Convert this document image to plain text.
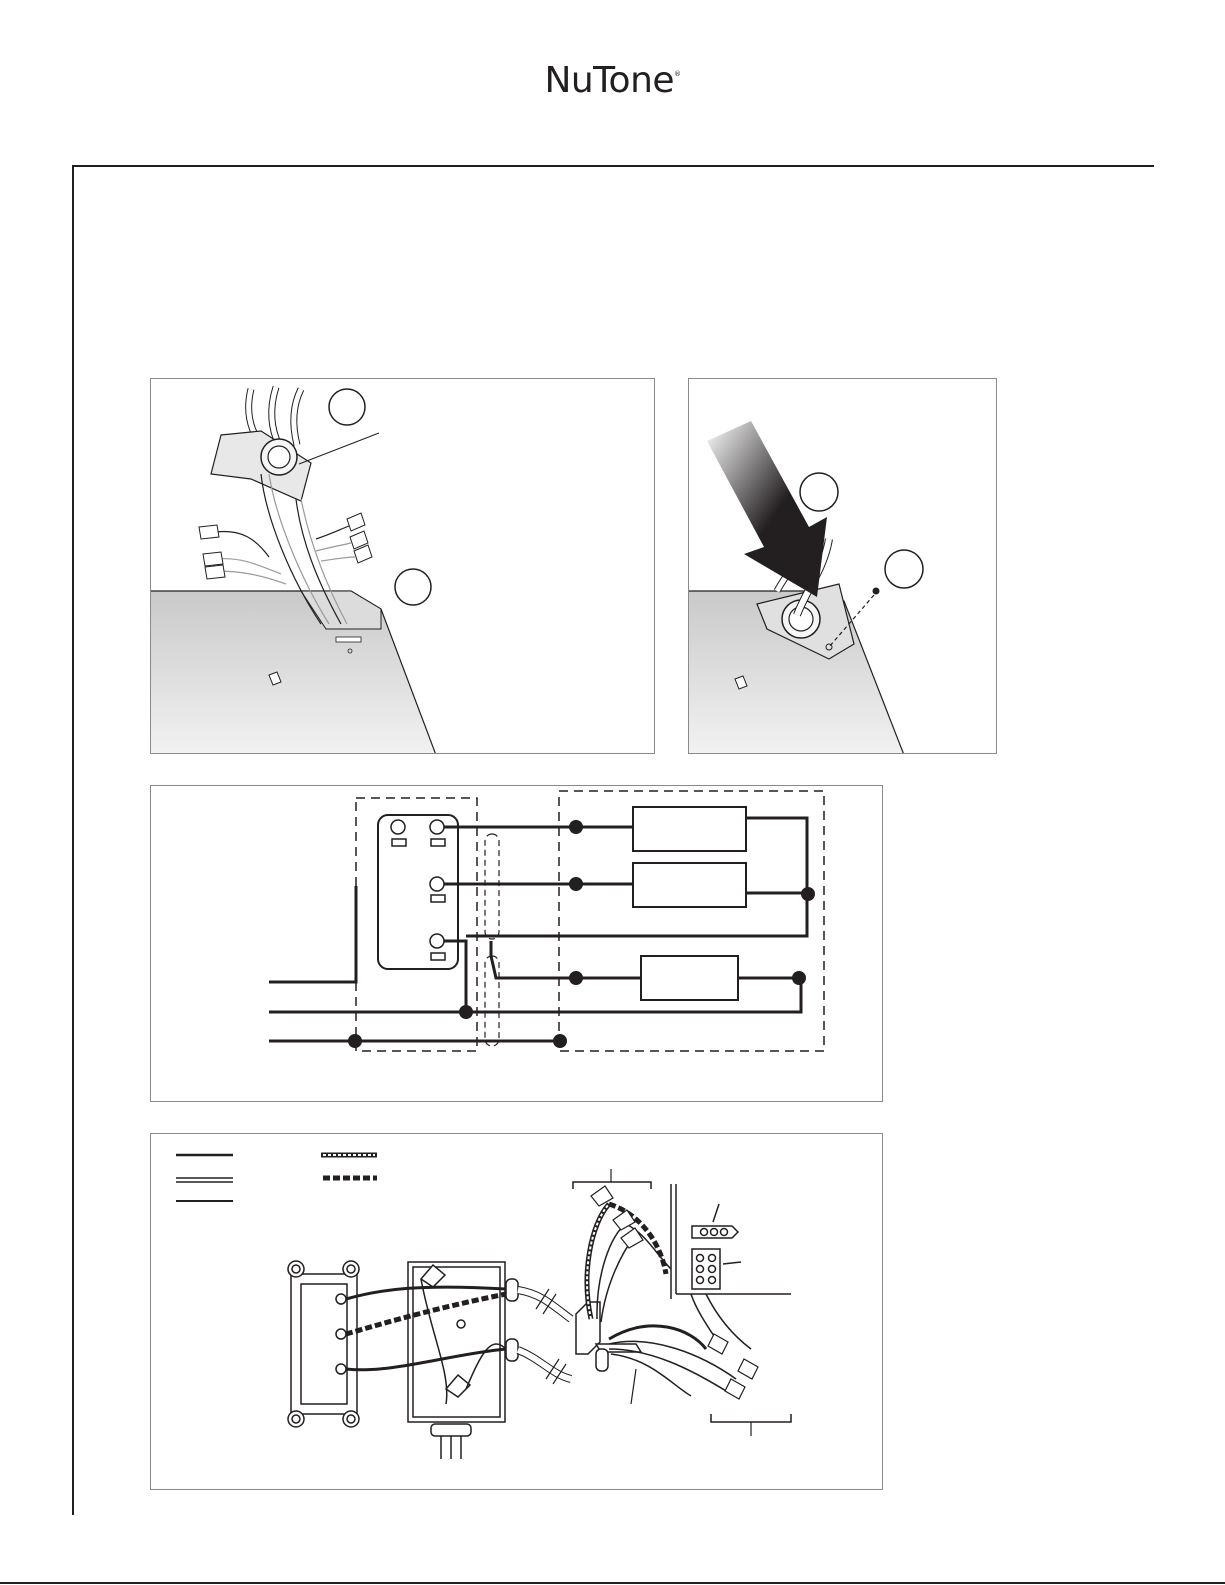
NuTone®
